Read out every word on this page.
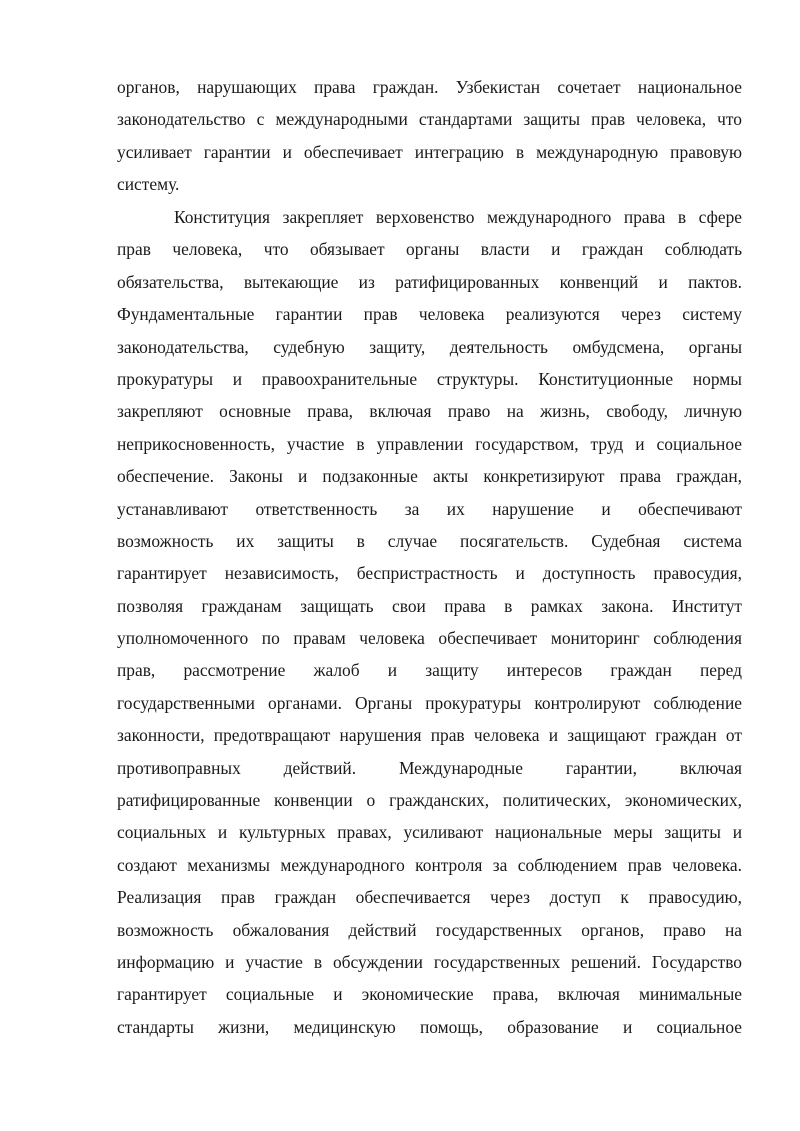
органов, нарушающих права граждан. Узбекистан сочетает национальное
законодательство с международными стандартами защиты прав человека, что
усиливает гарантии и обеспечивает интеграцию в международную правовую
систему.
Конституция закрепляет верховенство международного права в сфере
прав человека, что обязывает органы власти и граждан соблюдать
обязательства, вытекающие из ратифицированных конвенций и пактов.
Фундаментальные гарантии прав человека реализуются через систему
законодательства, судебную защиту, деятельность омбудсмена, органы
прокуратуры и правоохранительные структуры. Конституционные нормы
закрепляют основные права, включая право на жизнь, свободу, личную
неприкосновенность, участие в управлении государством, труд и социальное
обеспечение. Законы и подзаконные акты конкретизируют права граждан,
устанавливают ответственность за их нарушение и обеспечивают
возможность их защиты в случае посягательств. Судебная система
гарантирует независимость, беспристрастность и доступность правосудия,
позволяя гражданам защищать свои права в рамках закона. Институт
уполномоченного по правам человека обеспечивает мониторинг соблюдения
прав, рассмотрение жалоб и защиту интересов граждан перед
государственными органами. Органы прокуратуры контролируют соблюдение
законности, предотвращают нарушения прав человека и защищают граждан от
противоправных действий. Международные гарантии, включая
ратифицированные конвенции о гражданских, политических, экономических,
социальных и культурных правах, усиливают национальные меры защиты и
создают механизмы международного контроля за соблюдением прав человека.
Реализация прав граждан обеспечивается через доступ к правосудию,
возможность обжалования действий государственных органов, право на
информацию и участие в обсуждении государственных решений. Государство
гарантирует социальные и экономические права, включая минимальные
стандарты жизни, медицинскую помощь, образование и социальное
